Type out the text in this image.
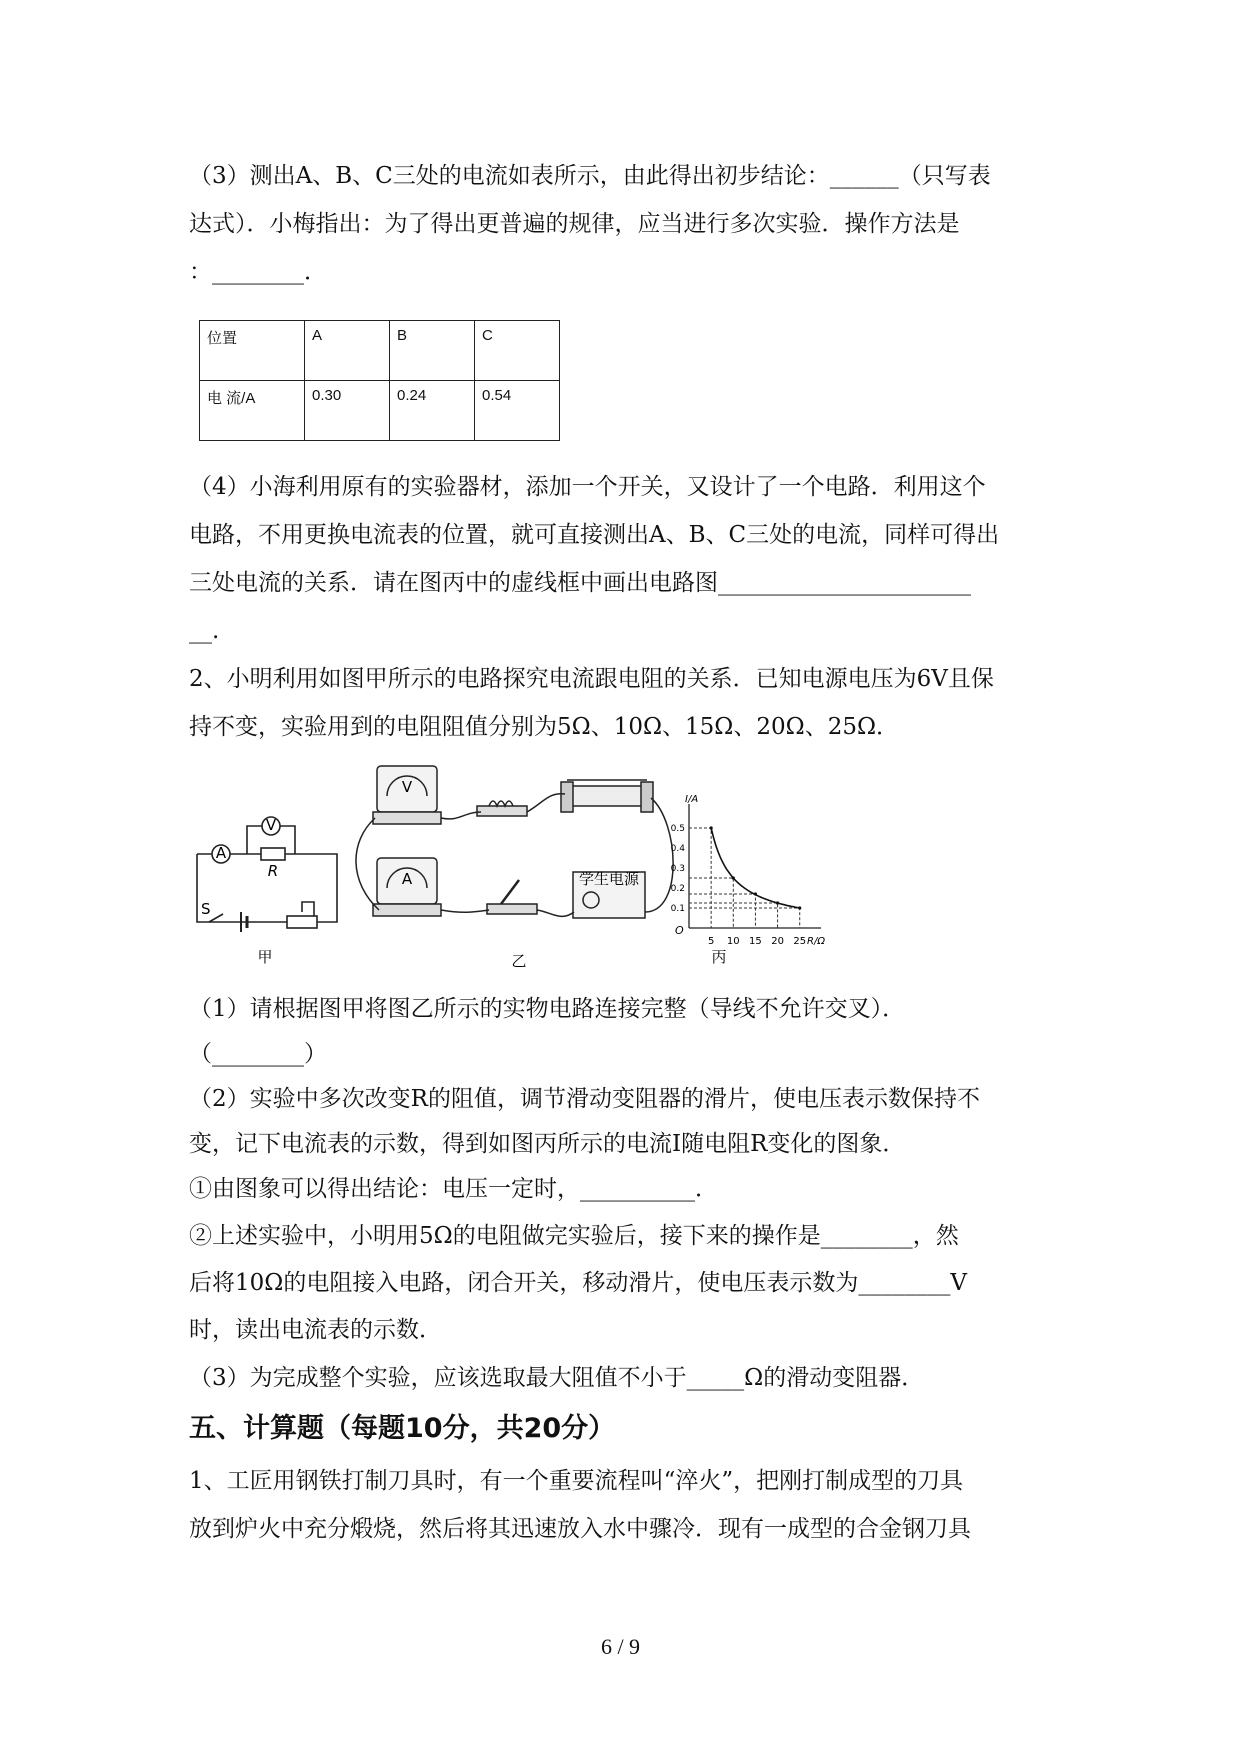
（3）测出A、B、C三处的电流如表所示，由此得出初步结论：______（只写表
达式）．小梅指出：为了得出更普遍的规律，应当进行多次实验．操作方法是
：________．
位置	A	B	C
电 流/A	0.30	0.24	0.54
（4）小海利用原有的实验器材，添加一个开关，又设计了一个电路．利用这个
电路，不用更换电流表的位置，就可直接测出A、B、C三处的电流，同样可得出
三处电流的关系．请在图丙中的虚线框中画出电路图______________________
__.
2、小明利用如图甲所示的电路探究电流跟电阻的关系．已知电源电压为6V且保
持不变，实验用到的电阻阻值分别为5Ω、10Ω、15Ω、20Ω、25Ω．
A
V
R
S
甲
V
A	学生电源
乙
O
I/A
R/Ω
5 10 15 20 25
0.1
0.2
0.3
0.4
0.5
丙
（1）请根据图甲将图乙所示的实物电路连接完整（导线不允许交叉）．
（________）
（2）实验中多次改变R的阻值，调节滑动变阻器的滑片，使电压表示数保持不
变，记下电流表的示数，得到如图丙所示的电流I随电阻R变化的图象．
①由图象可以得出结论：电压一定时，__________．
②上述实验中，小明用5Ω的电阻做完实验后，接下来的操作是________，然
后将10Ω的电阻接入电路，闭合开关，移动滑片，使电压表示数为________V
时，读出电流表的示数．
（3）为完成整个实验，应该选取最大阻值不小于_____Ω的滑动变阻器．
五、计算题（每题10分，共20分）
1、工匠用钢铁打制刀具时，有一个重要流程叫“淬火”，把刚打制成型的刀具
放到炉火中充分煅烧，然后将其迅速放入水中骤冷．现有一成型的合金钢刀具
6 / 9
